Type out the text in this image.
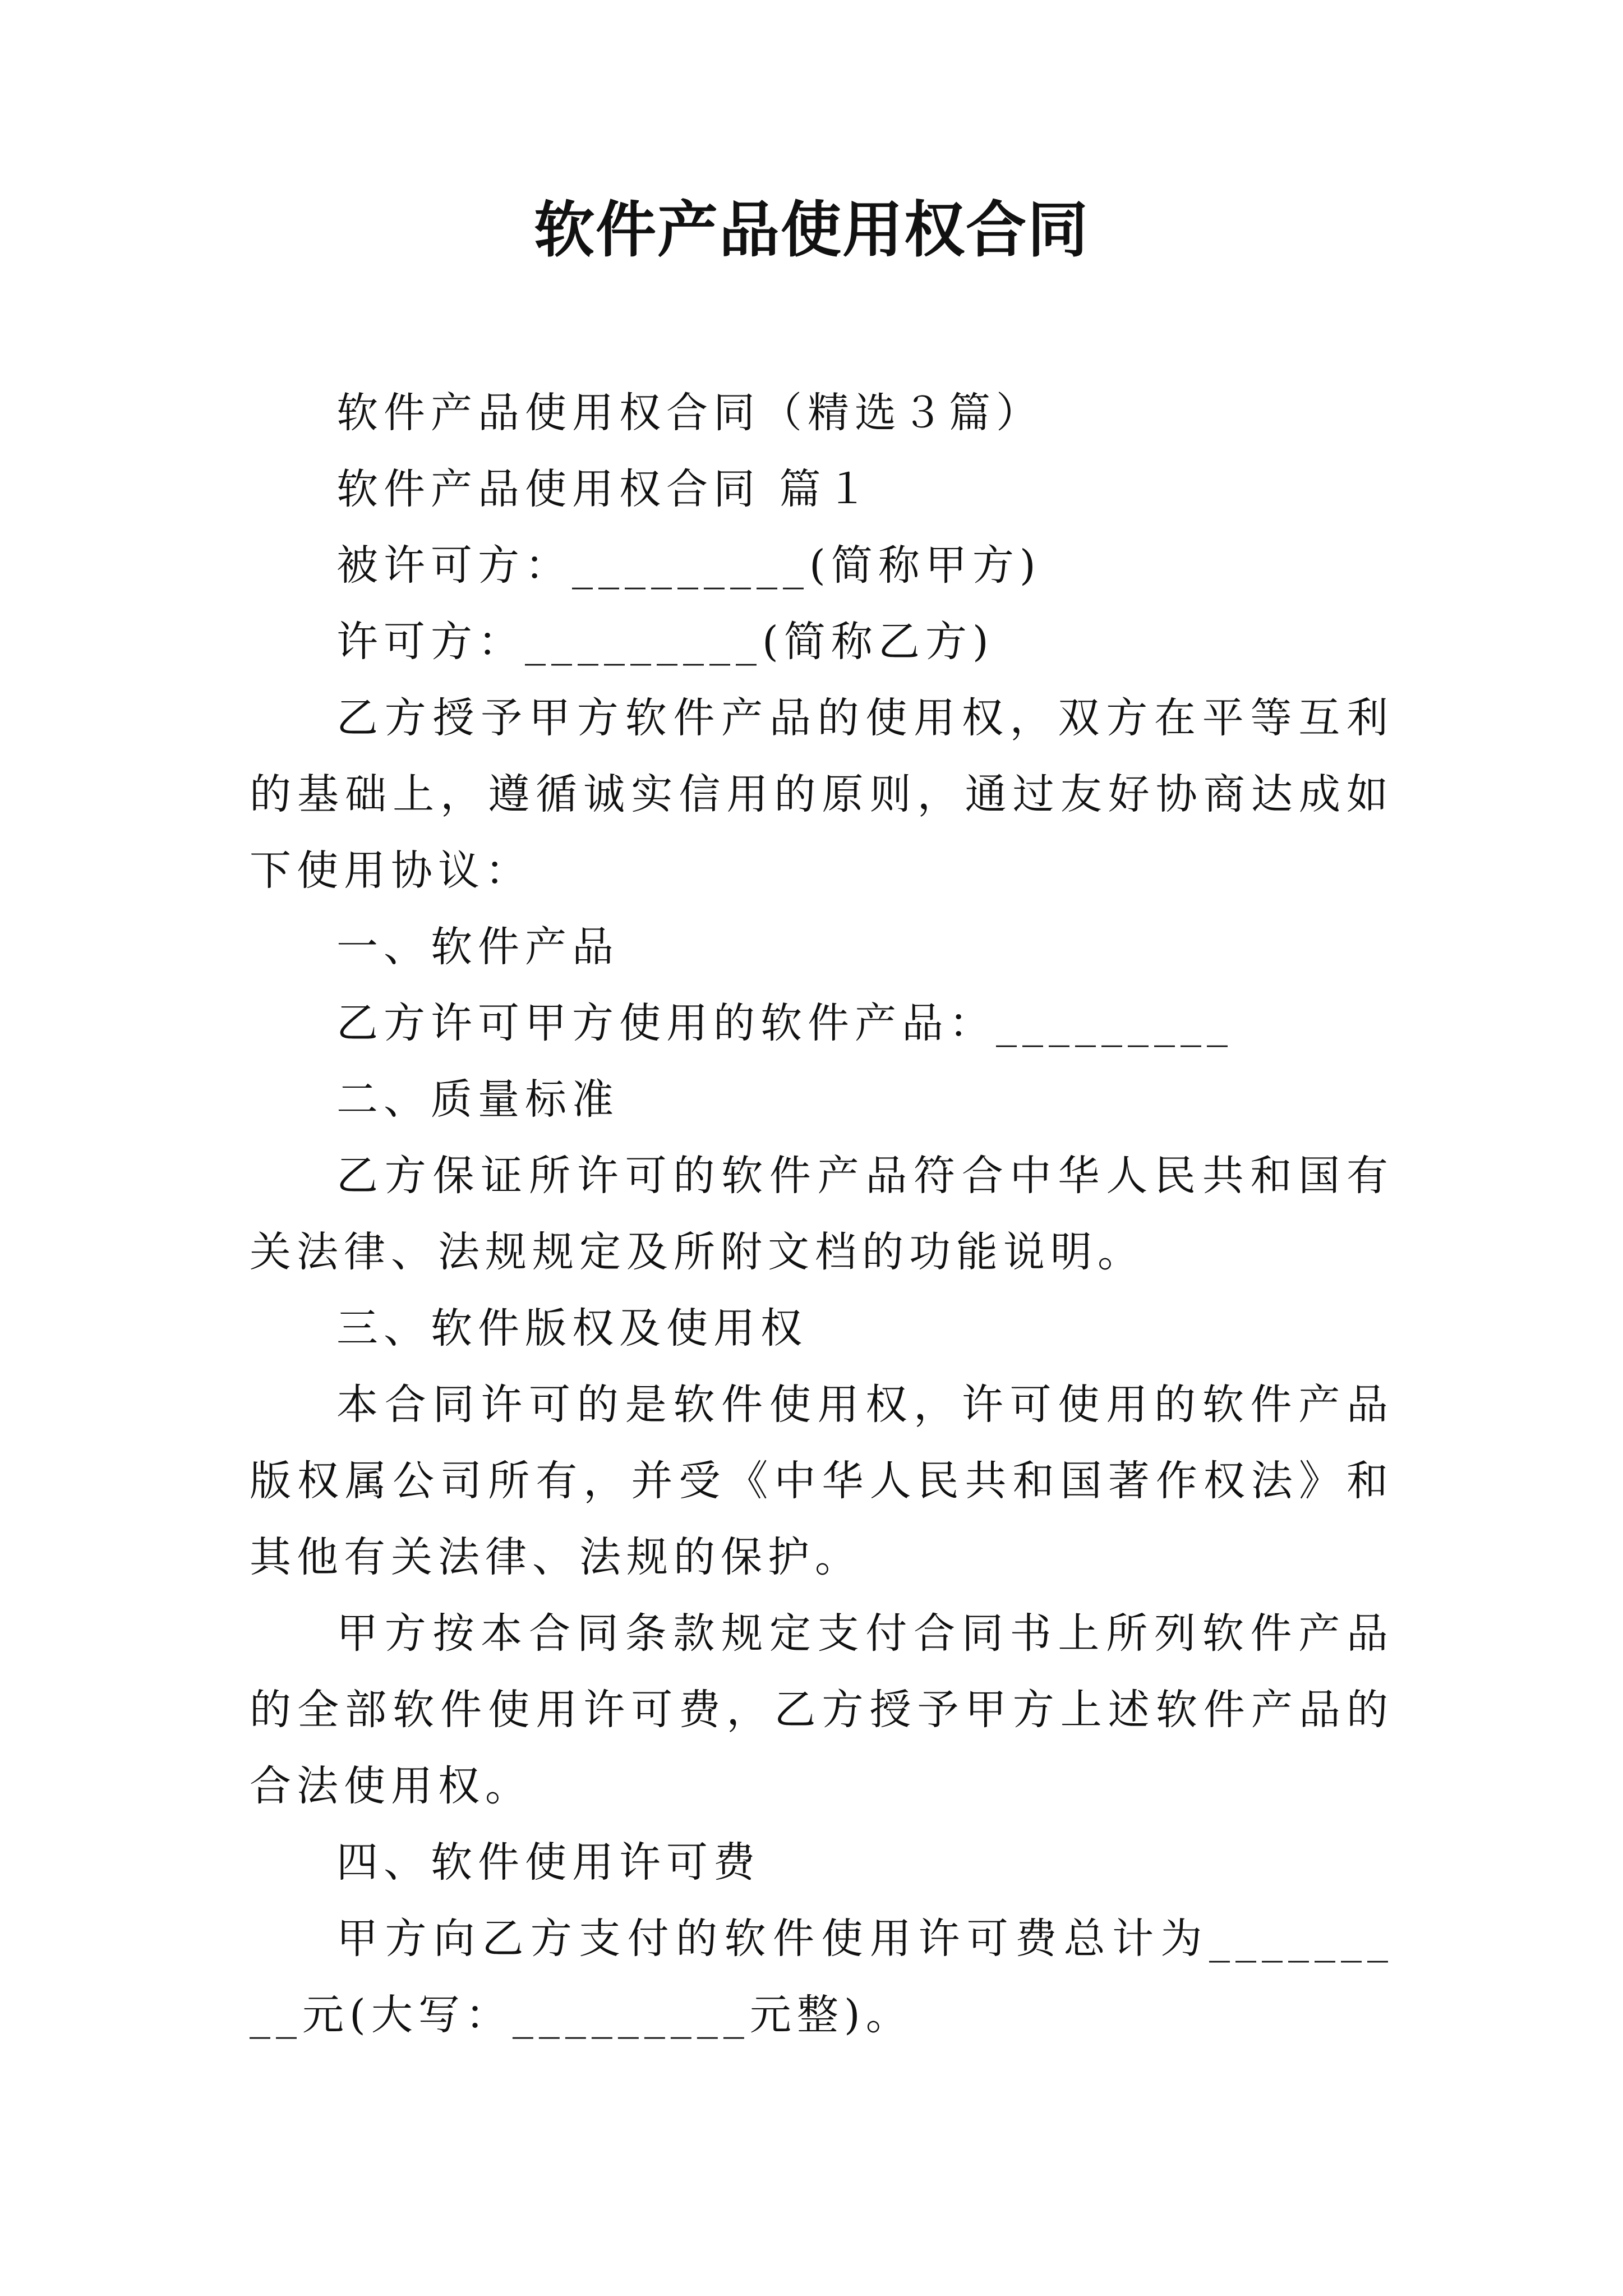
软件产品使用权合同

软件产品使用权合同（精选３篇）

软件产品使用权合同 篇１

被许可方：_________(简称甲方)

许可方：_________(简称乙方)

乙方授予甲方软件产品的使用权，双方在平等互利的基础上，遵循诚实信用的原则，通过友好协商达成如下使用协议：

一、软件产品

乙方许可甲方使用的软件产品：_________

二、质量标准

乙方保证所许可的软件产品符合中华人民共和国有关法律、法规规定及所附文档的功能说明。

三、软件版权及使用权

本合同许可的是软件使用权，许可使用的软件产品版权属公司所有，并受《中华人民共和国著作权法》和其他有关法律、法规的保护。

甲方按本合同条款规定支付合同书上所列软件产品的全部软件使用许可费，乙方授予甲方上述软件产品的合法使用权。

四、软件使用许可费

甲方向乙方支付的软件使用许可费总计为_________元(大写：_________元整)。
